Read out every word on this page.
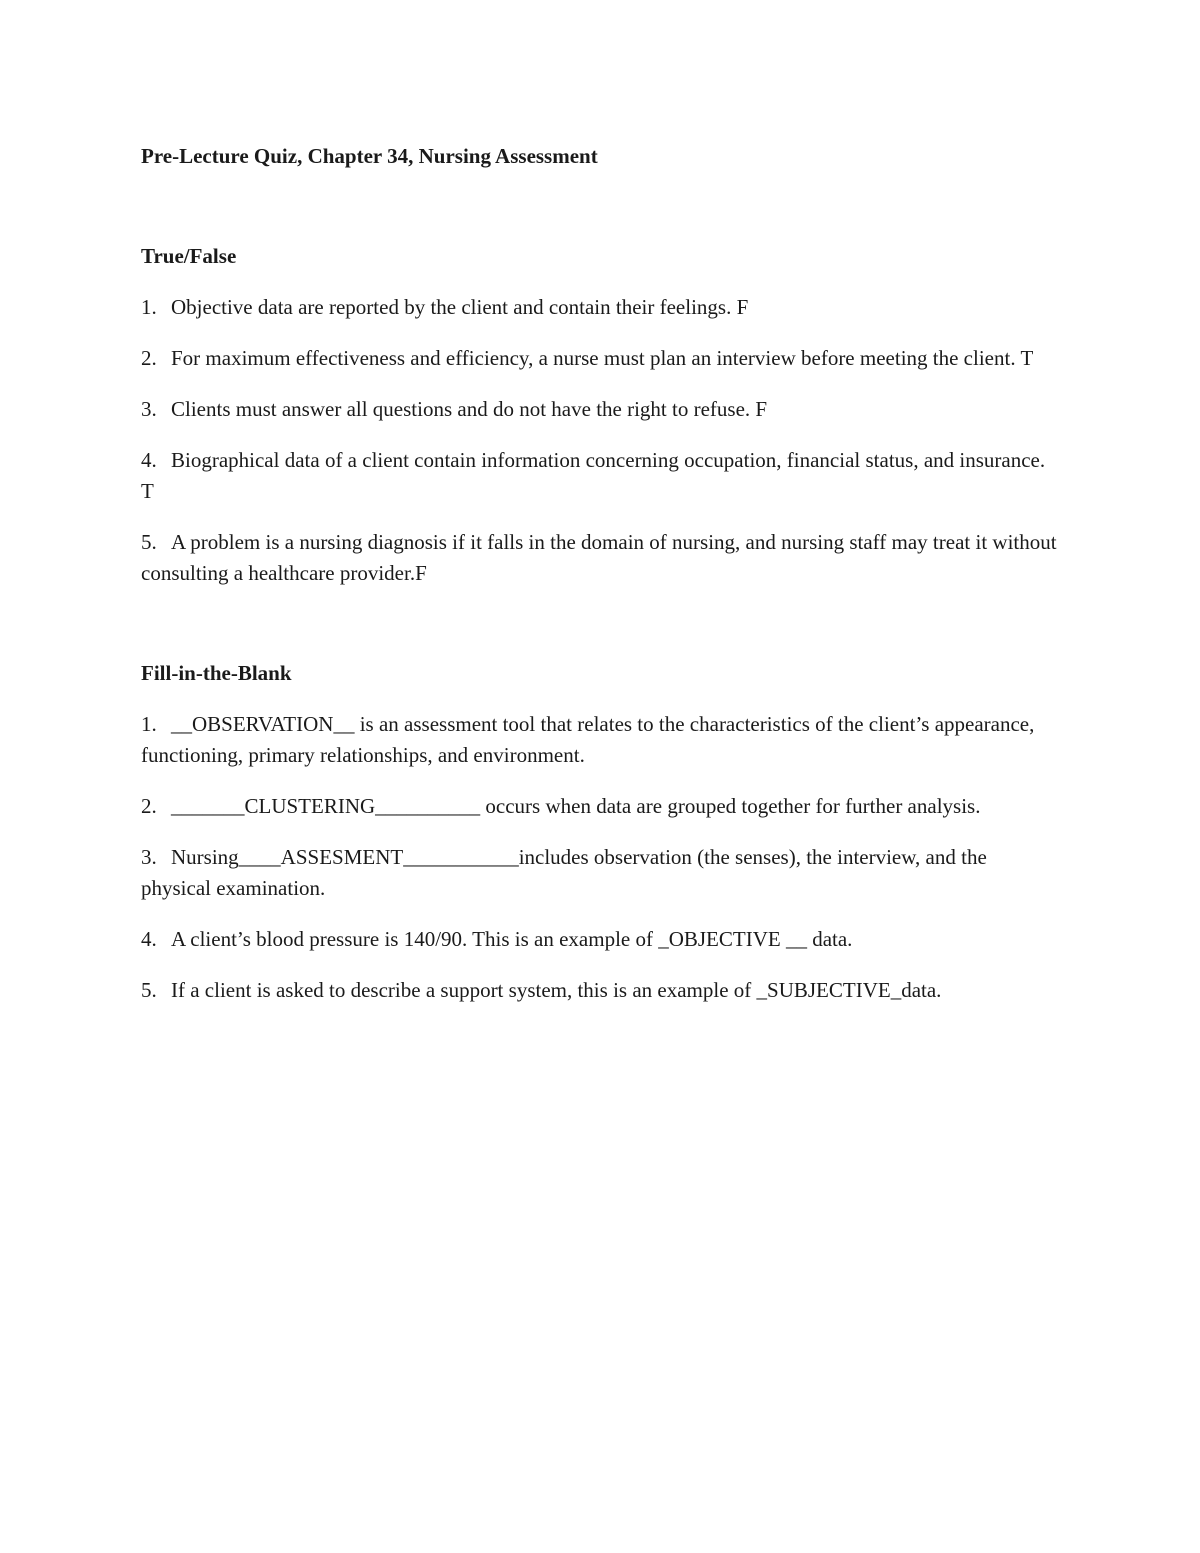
Pre-Lecture Quiz, Chapter 34, Nursing Assessment

True/False

1. Objective data are reported by the client and contain their feelings. F

2. For maximum effectiveness and efficiency, a nurse must plan an interview before meeting the client. T

3. Clients must answer all questions and do not have the right to refuse. F

4. Biographical data of a client contain information concerning occupation, financial status, and insurance. T

5. A problem is a nursing diagnosis if it falls in the domain of nursing, and nursing staff may treat it without consulting a healthcare provider.F

Fill-in-the-Blank

1. __OBSERVATION__ is an assessment tool that relates to the characteristics of the client’s appearance, functioning, primary relationships, and environment.

2. _______CLUSTERING__________ occurs when data are grouped together for further analysis.

3. Nursing____ASSESMENT___________includes observation (the senses), the interview, and the physical examination.

4. A client’s blood pressure is 140/90. This is an example of _OBJECTIVE __ data.

5. If a client is asked to describe a support system, this is an example of _SUBJECTIVE_data.
